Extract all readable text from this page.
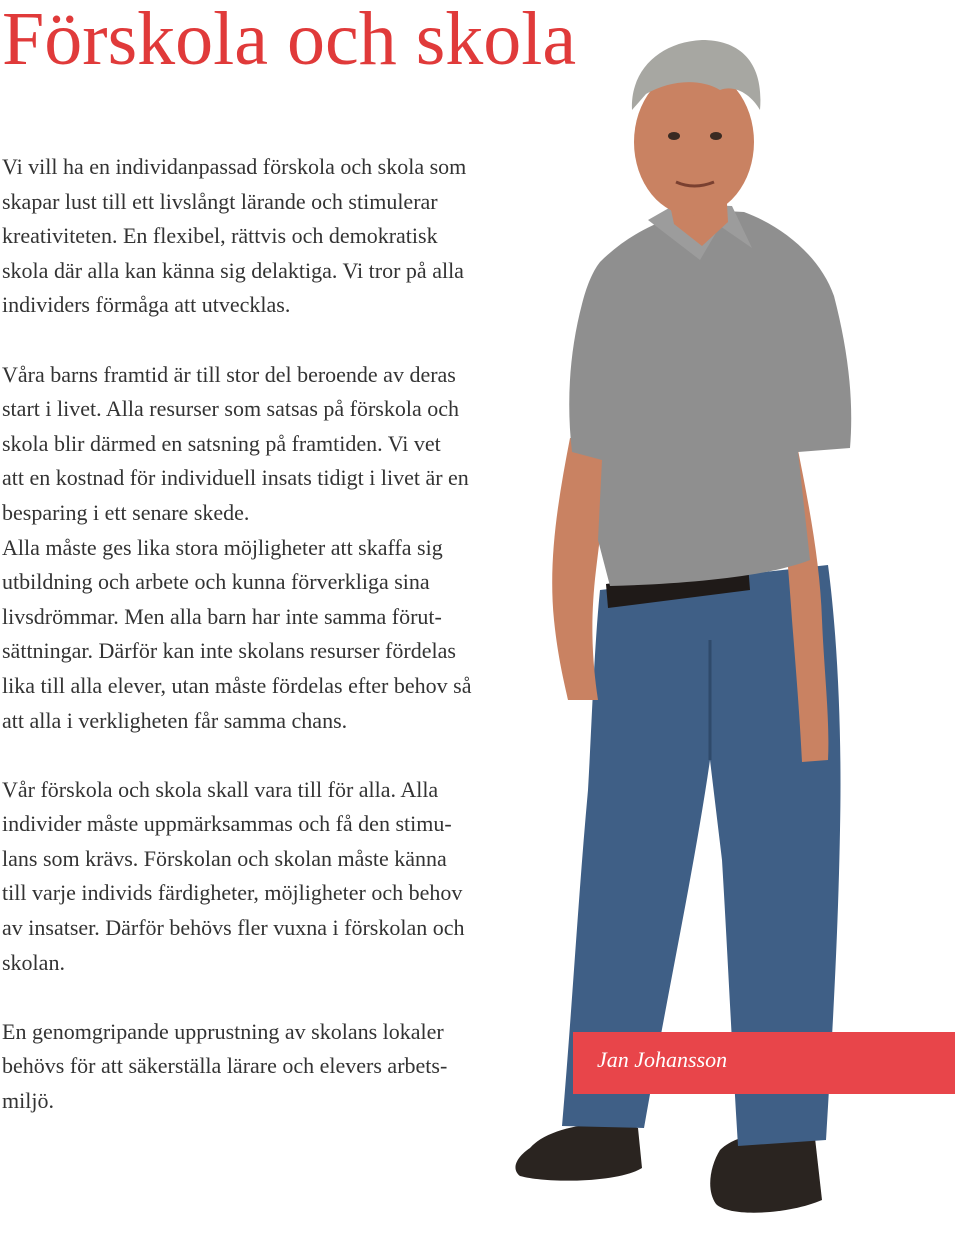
Förskola och skola

Vi vill ha en individanpassad förskola och skola som
skapar lust till ett livslångt lärande och stimulerar
kreativiteten. En flexibel, rättvis och demokratisk
skola där alla kan känna sig delaktiga. Vi tror på alla
individers förmåga att utvecklas.

Våra barns framtid är till stor del beroende av deras
start i livet. Alla resurser som satsas på förskola och
skola blir därmed en satsning på framtiden. Vi vet
att en kostnad för individuell insats tidigt i livet är en
besparing i ett senare skede.

Alla måste ges lika stora möjligheter att skaffa sig
utbildning och arbete och kunna förverkliga sina
livsdrömmar. Men alla barn har inte samma förut-
sättningar. Därför kan inte skolans resurser fördelas
lika till alla elever, utan måste fördelas efter behov så
att alla i verkligheten får samma chans.

Vår förskola och skola skall vara till för alla. Alla
individer måste uppmärksammas och få den stimu-
lans som krävs. Förskolan och skolan måste känna
till varje individs färdigheter, möjligheter och behov
av insatser. Därför behövs fler vuxna i förskolan och
skolan.

En genomgripande upprustning av skolans lokaler
behövs för att säkerställa lärare och elevers arbets-
miljö.

Jan Johansson
